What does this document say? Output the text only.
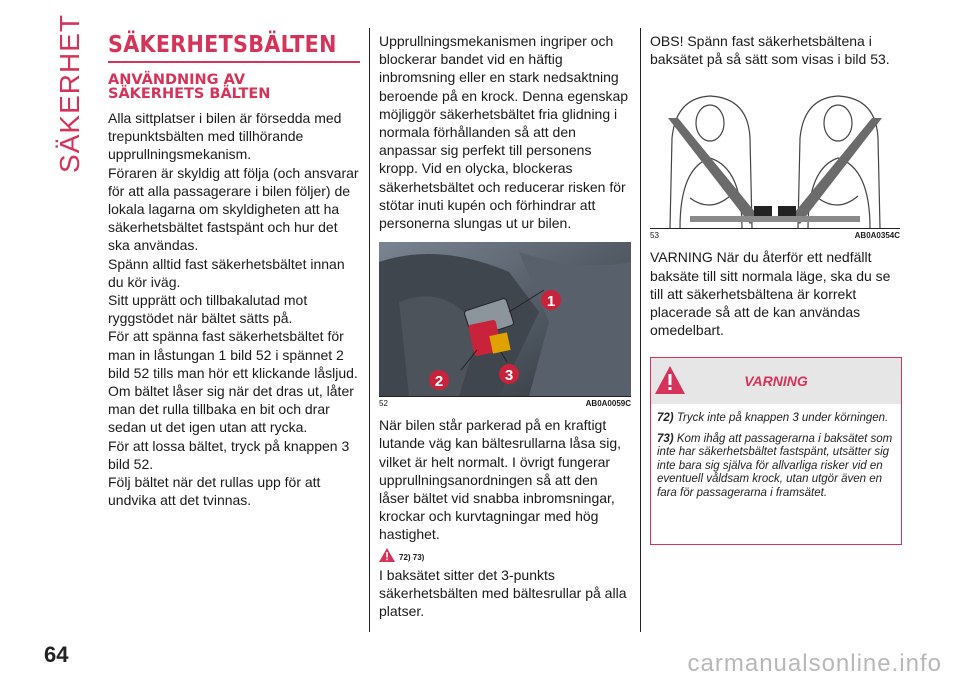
SÄKERHET SÄKERHETSBÄLTEN
ANVÄNDNING AV
SÄKERHETS BÄLTEN

Alla sittplatser i bilen är försedda med trepunktsbälten med tillhörande upprullningsmekanism.

Föraren är skyldig att följa (och ansvarar för att alla passagerare i bilen följer) de lokala lagarna om skyldigheten att ha säkerhetsbältet fastspänt och hur det ska användas.

Spänn alltid fast säkerhetsbältet innan du kör iväg.

Sitt upprätt och tillbakalutad mot ryggstödet när bältet sätts på.

För att spänna fast säkerhetsbältet för man in låstungan 1 bild 52 i spännet 2 bild 52 tills man hör ett klickande låsljud.

Om bältet låser sig när det dras ut, låter man det rulla tillbaka en bit och drar sedan ut det igen utan att rycka.

För att lossa bältet, tryck på knappen 3 bild 52.

Följ bältet när det rullas upp för att undvika att det tvinnas.

Upprullningsmekanismen ingriper och blockerar bandet vid en häftig inbromsning eller en stark nedsaktning beroende på en krock. Denna egenskap möjliggör säkerhetsbältet fria glidning i normala förhållanden så att den anpassar sig perfekt till personens kropp. Vid en olycka, blockeras säkerhetsbältet och reducerar risken för stötar inuti kupén och förhindrar att personerna slungas ut ur bilen.

1
2	3
52	AB0A0059C

När bilen står parkerad på en kraftigt lutande väg kan bältesrullarna låsa sig, vilket är helt normalt. I övrigt fungerar upprullningsanordningen så att den låser bältet vid snabba inbromsningar, krockar och kurvtagningar med hög hastighet.

72) 73)

I baksätet sitter det 3-punkts säkerhetsbälten med bältesrullar på alla platser.

OBS! Spänn fast säkerhetsbältena i baksätet på så sätt som visas i bild 53.

53	AB0A0354C

VARNING När du återför ett nedfällt baksäte till sitt normala läge, ska du se till att säkerhetsbältena är korrekt placerade så att de kan användas omedelbart.

VARNING

72) Tryck inte på knappen 3 under körningen.

73) Kom ihåg att passagerarna i baksätet som inte har säkerhetsbältet fastspänt, utsätter sig inte bara sig själva för allvarliga risker vid en eventuell våldsam krock, utan utgör även en fara för passagerarna i framsätet.

64	carmanualsonline.info
